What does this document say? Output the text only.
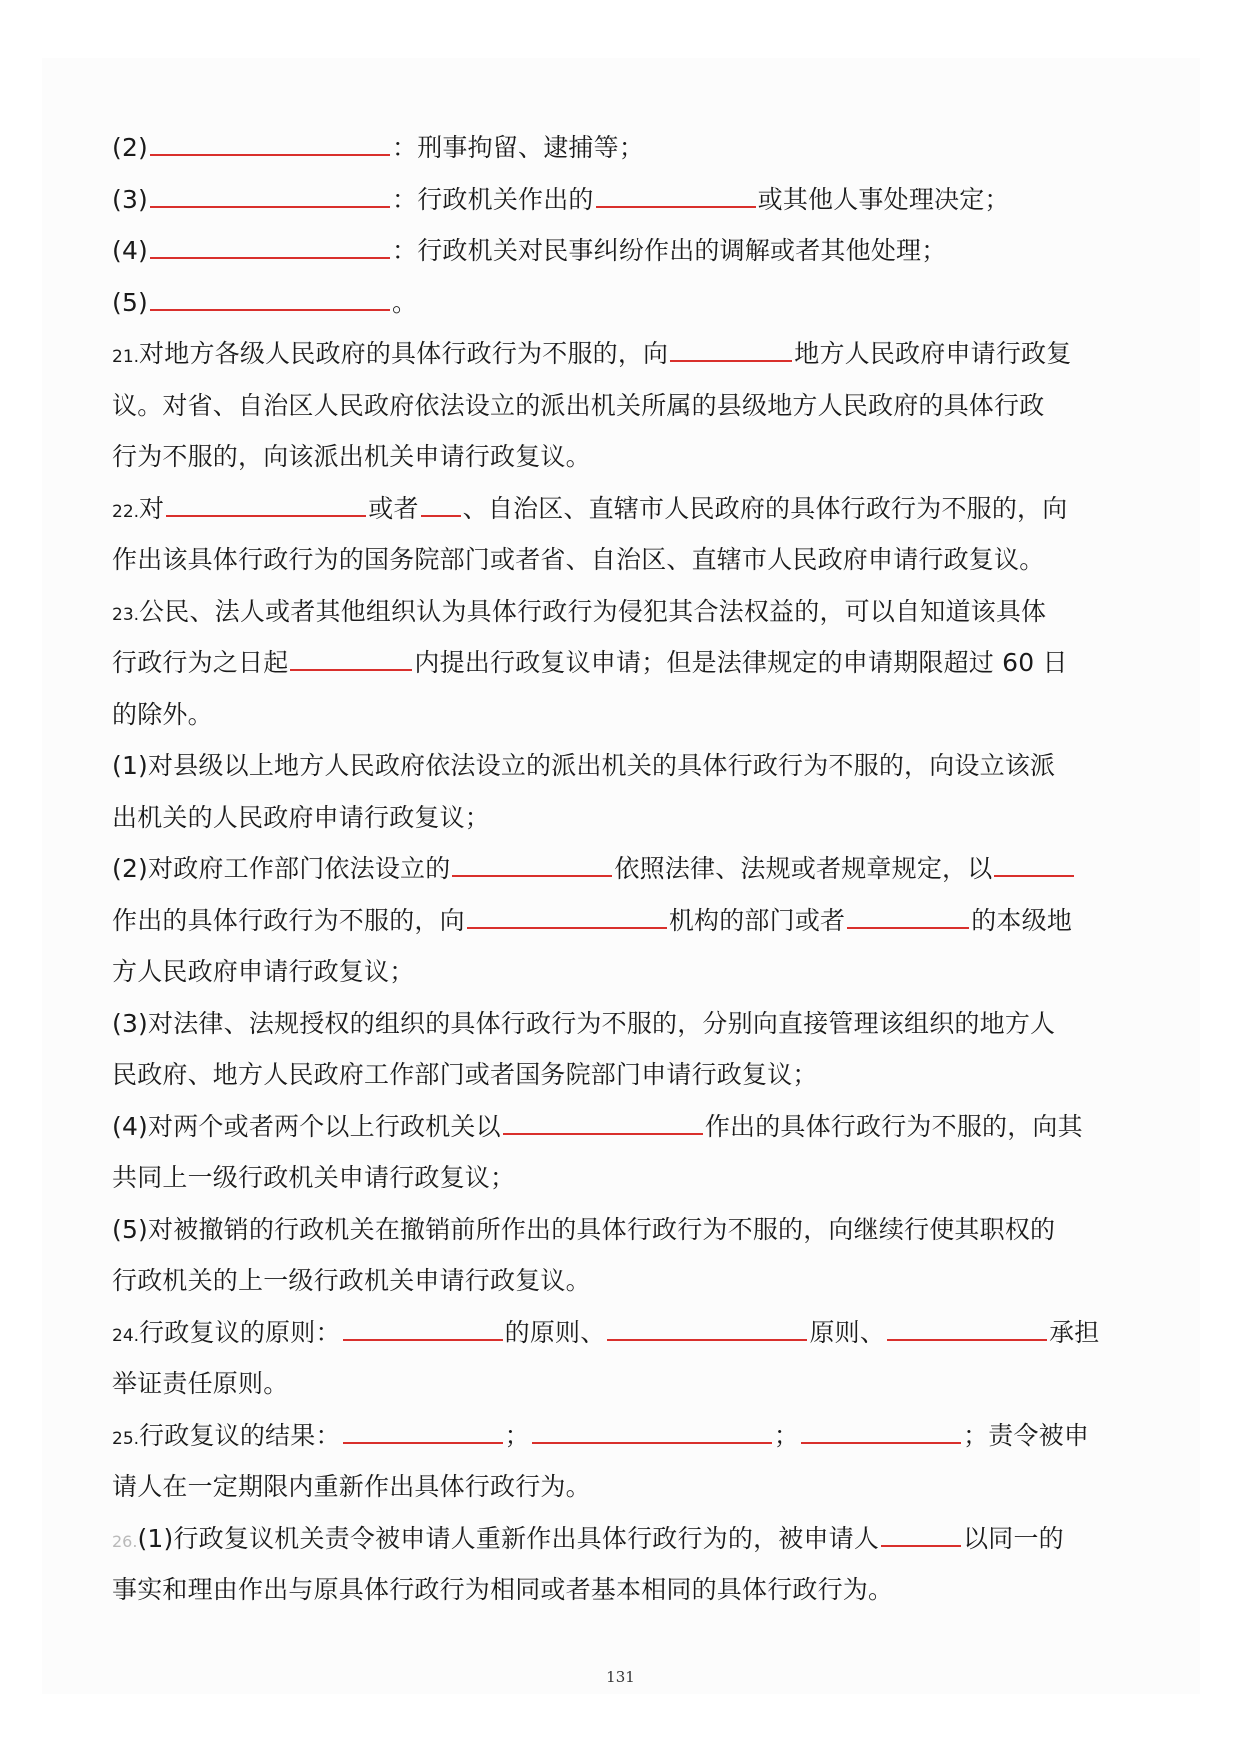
(2)	：刑事拘留、逮捕等；
(3)	：行政机关作出的	或其他人事处理决定；
(4)	：行政机关对民事纠纷作出的调解或者其他处理；
(5)	。
21.对地方各级人民政府的具体行政行为不服的，向	地方人民政府申请行政复
议。对省、自治区人民政府依法设立的派出机关所属的县级地方人民政府的具体行政
行为不服的，向该派出机关申请行政复议。
22.对	或者 、自治区、直辖市人民政府的具体行政行为不服的，向
作出该具体行政行为的国务院部门或者省、自治区、直辖市人民政府申请行政复议。
23.公民、法人或者其他组织认为具体行政行为侵犯其合法权益的，可以自知道该具体
行政行为之日起	内提出行政复议申请；但是法律规定的申请期限超过 60 日
的除外。
(1)对县级以上地方人民政府依法设立的派出机关的具体行政行为不服的，向设立该派
出机关的人民政府申请行政复议；
(2)对政府工作部门依法设立的	依照法律、法规或者规章规定，以
作出的具体行政行为不服的，向	机构的部门或者	的本级地
方人民政府申请行政复议；
(3)对法律、法规授权的组织的具体行政行为不服的，分别向直接管理该组织的地方人
民政府、地方人民政府工作部门或者国务院部门申请行政复议；
(4)对两个或者两个以上行政机关以	作出的具体行政行为不服的，向其
共同上一级行政机关申请行政复议；
(5)对被撤销的行政机关在撤销前所作出的具体行政行为不服的，向继续行使其职权的
行政机关的上一级行政机关申请行政复议。
24.行政复议的原则：	的原则、	原则、	承担
举证责任原则。
25.行政复议的结果：	；	；	；责令被申
请人在一定期限内重新作出具体行政行为。
26.(1)行政复议机关责令被申请人重新作出具体行政行为的，被申请人	以同一的
事实和理由作出与原具体行政行为相同或者基本相同的具体行政行为。
131
